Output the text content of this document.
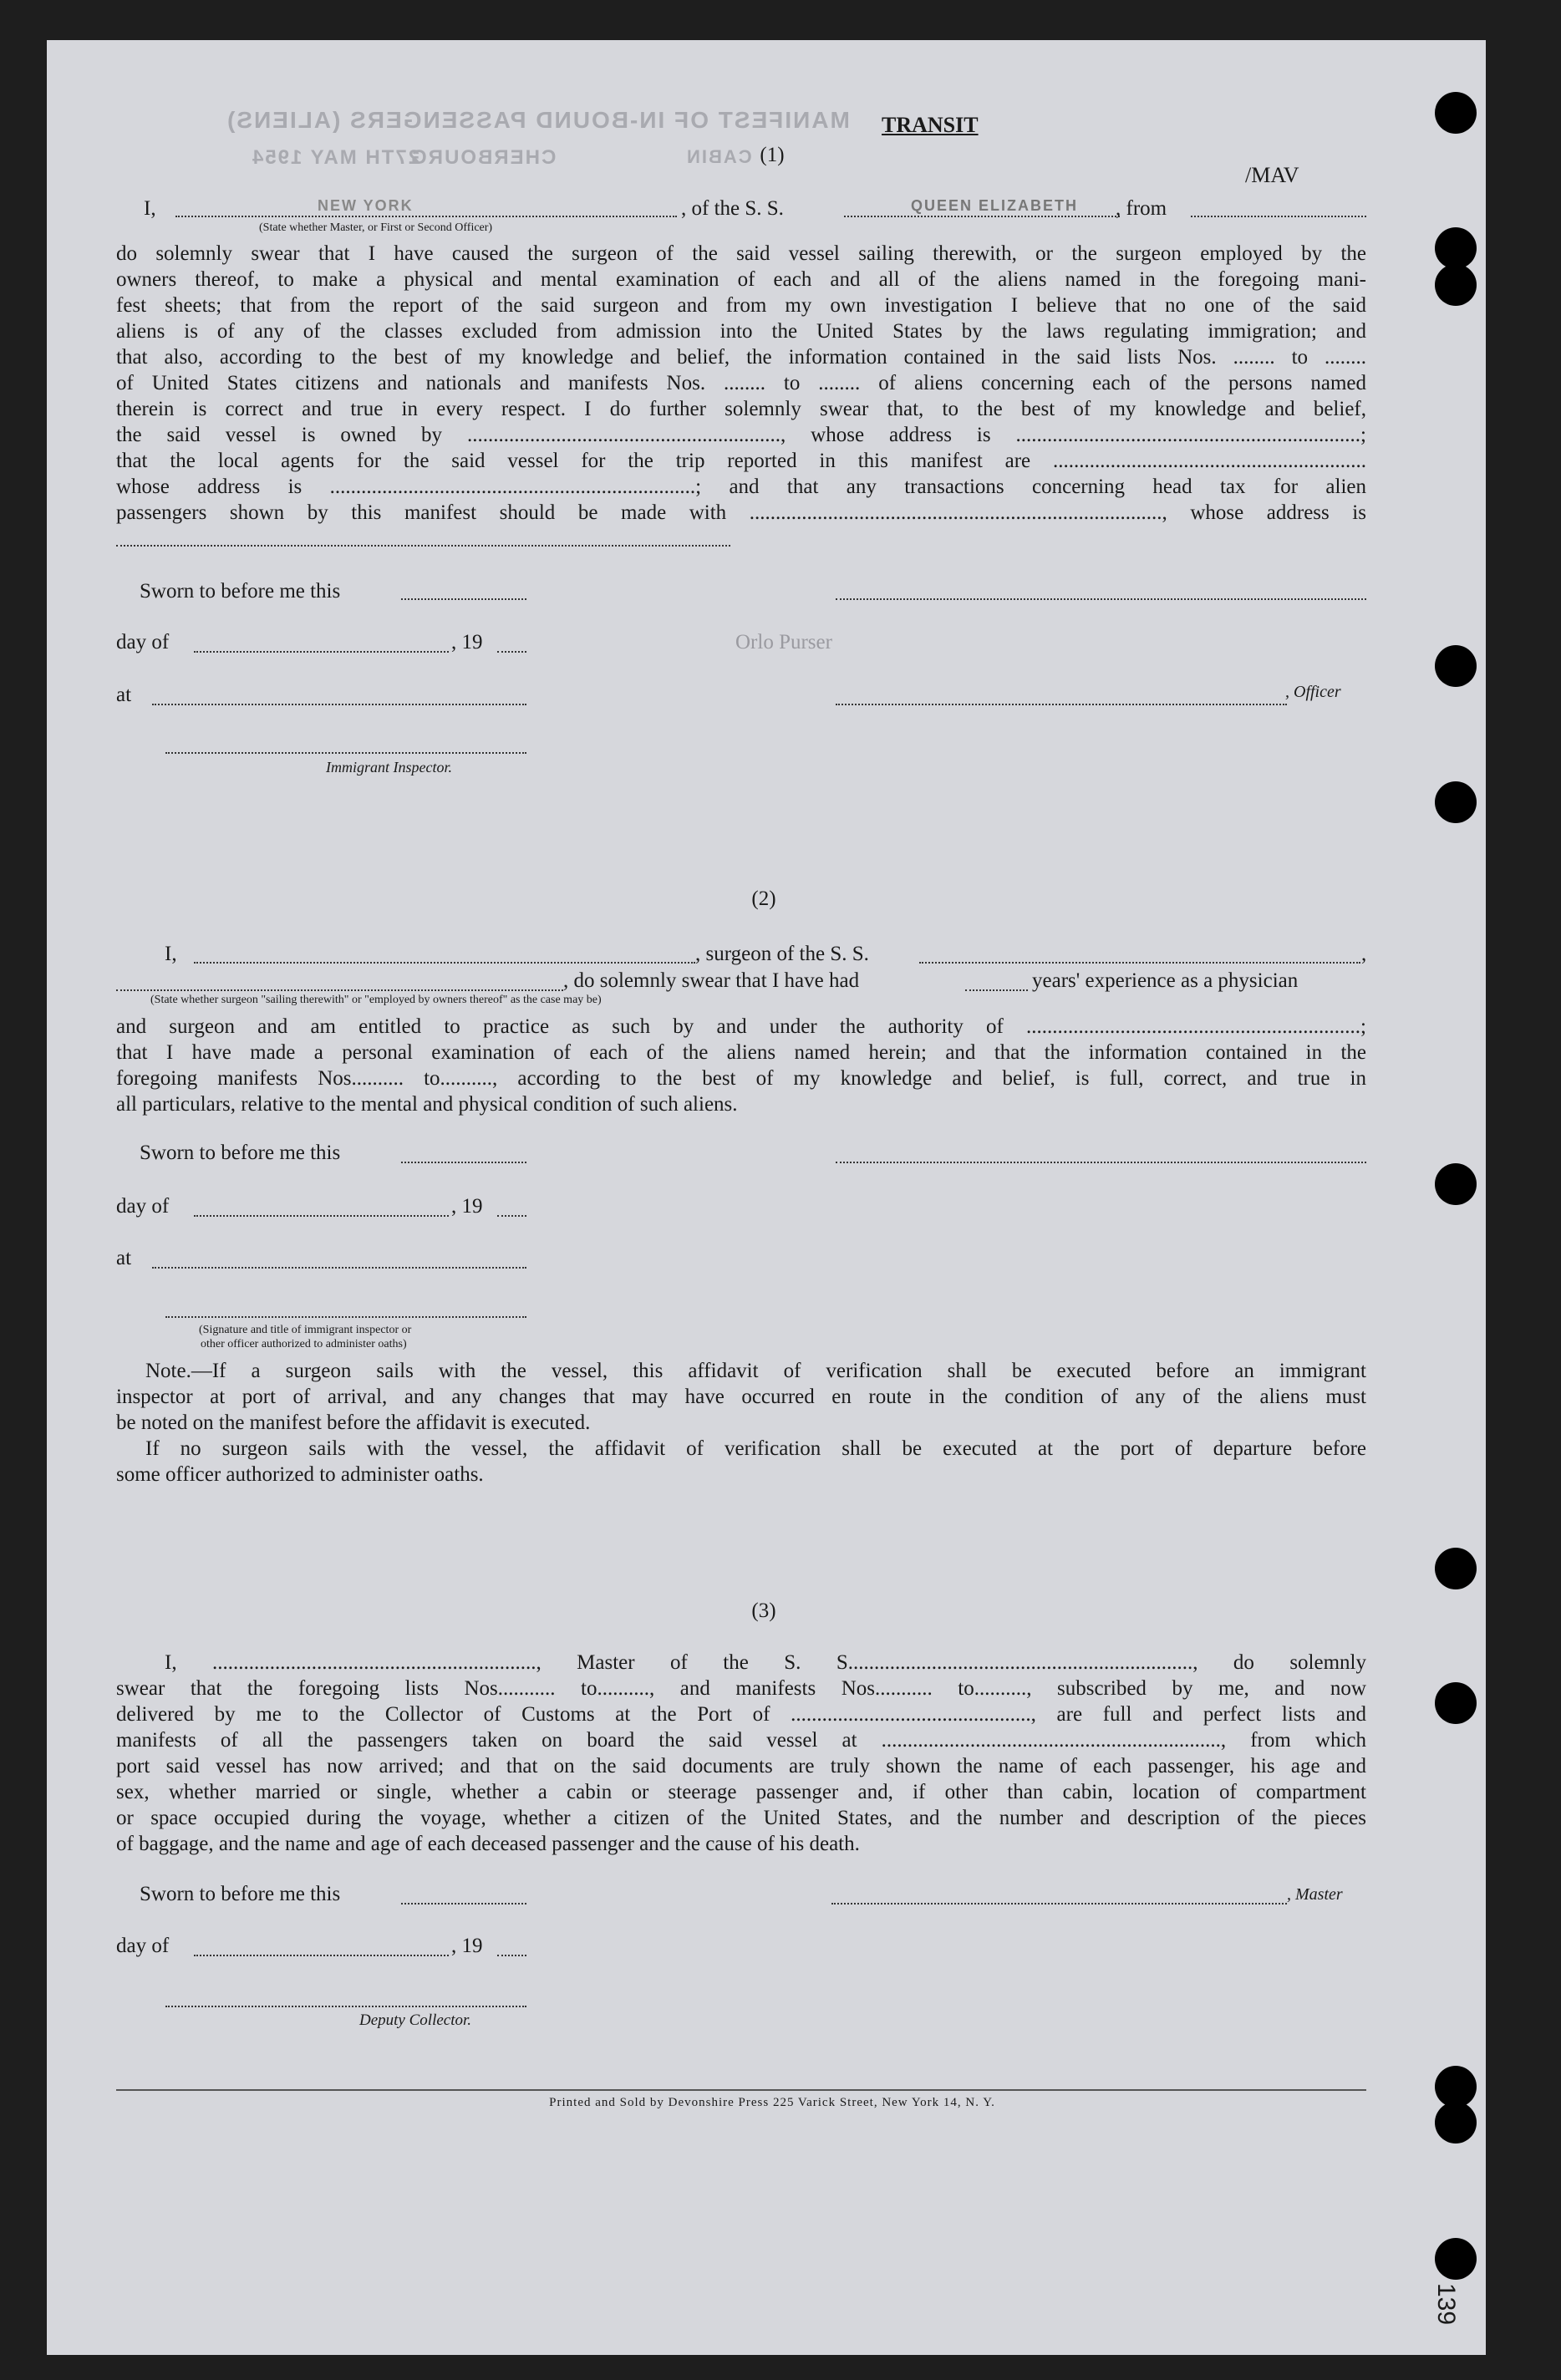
MANIFEST OF IN-BOUND PASSENGERS (ALIENS)
27TH MAY 1954
CHERBOURG	CABIN
QUEEN ELIZABETH
NEW YORK
TRANSIT
/MAV
(1)
I,	, of the S. S.	, from
(State whether Master, or First or Second Officer)
do solemnly swear that I have caused the surgeon of the said vessel sailing therewith, or the surgeon employed by the
owners thereof, to make a physical and mental examination of each and all of the aliens named in the foregoing mani-
fest sheets; that from the report of the said surgeon and from my own investigation I believe that no one of the said
aliens is of any of the classes excluded from admission into the United States by the laws regulating immigration; and
that also, according to the best of my knowledge and belief, the information contained in the said lists Nos. ........ to ........
of United States citizens and nationals and manifests Nos. ........ to ........ of aliens concerning each of the persons named
therein is correct and true in every respect. I do further solemnly swear that, to the best of my knowledge and belief,
the said vessel is owned by ............................................................, whose address is ..................................................................;
that the local agents for the said vessel for the trip reported in this manifest are ............................................................
whose address is ......................................................................; and that any transactions concerning head tax for alien
passengers shown by this manifest should be made with ..............................................................................., whose address is
Sworn to before me this
day of	, 19	Orlo Purser
at	, Officer
Immigrant Inspector.
(2)
I,	, surgeon of the S. S.	,
, do solemnly swear that I have had	years' experience as a physician
(State whether surgeon "sailing therewith" or "employed by owners thereof" as the case may be)
and surgeon and am entitled to practice as such by and under the authority of ................................................................;
that I have made a personal examination of each of the aliens named herein; and that the information contained in the
foregoing manifests Nos.......... to.........., according to the best of my knowledge and belief, is full, correct, and true in
all particulars, relative to the mental and physical condition of such aliens.
Sworn to before me this
day of	, 19
at
(Signature and title of immigrant inspector or
other officer authorized to administer oaths)
Note.—If a surgeon sails with the vessel, this affidavit of verification shall be executed before an immigrant
inspector at port of arrival, and any changes that may have occurred en route in the condition of any of the aliens must
be noted on the manifest before the affidavit is executed.
If no surgeon sails with the vessel, the affidavit of verification shall be executed at the port of departure before
some officer authorized to administer oaths.
(3)
I, .............................................................., Master of the S. S.................................................................., do solemnly
swear that the foregoing lists Nos........... to.........., and manifests Nos........... to.........., subscribed by me, and now
delivered by me to the Collector of Customs at the Port of .............................................., are full and perfect lists and
manifests of all the passengers taken on board the said vessel at ................................................................., from which
port said vessel has now arrived; and that on the said documents are truly shown the name of each passenger, his age and
sex, whether married or single, whether a cabin or steerage passenger and, if other than cabin, location of compartment
or space occupied during the voyage, whether a citizen of the United States, and the number and description of the pieces
of baggage, and the name and age of each deceased passenger and the cause of his death.
Sworn to before me this	, Master
day of	, 19
Deputy Collector.
Printed and Sold by Devonshire Press 225 Varick Street, New York 14, N. Y.
139
